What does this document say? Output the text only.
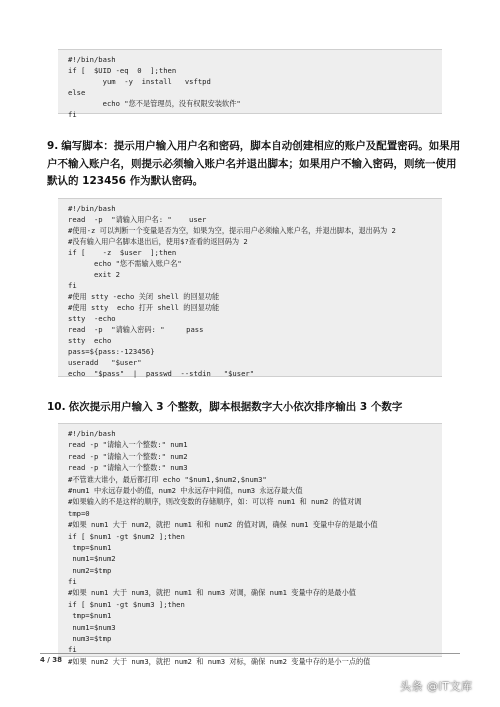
#!/bin/bash
if [  $UID -eq  0  ];then
yum  -y  install   vsftpd
else
echo "您不是管理员，没有权限安装软件"
fi
9. 编写脚本：提示用户输入用户名和密码，脚本自动创建相应的账户及配置密码。如果用户不输入账户名，则提示必须输入账户名并退出脚本；如果用户不输入密码，则统一使用默认的 123456 作为默认密码。
#!/bin/bash
read  -p  "请输入用户名: "    user
#使用-z 可以判断一个变量是否为空，如果为空，提示用户必须输入账户名，并退出脚本，退出码为 2
#没有输入用户名脚本退出后，使用$?查看的返回码为 2
if [    -z  $user  ];then
echo "您不需输入账户名"
exit 2
fi
#使用 stty -echo 关闭 shell 的回显功能
#使用 stty  echo 打开 shell 的回显功能
stty  -echo
read  -p  "请输入密码: "     pass
stty  echo
pass=${pass:-123456}
useradd   "$user"
echo  "$pass"  |  passwd  --stdin   "$user"
10. 依次提示用户输入 3 个整数，脚本根据数字大小依次排序输出 3 个数字
#!/bin/bash
read -p "请输入一个整数:" num1
read -p "请输入一个整数:" num2
read -p "请输入一个整数:" num3
#不管谁大谁小，最后都打印 echo "$num1,$num2,$num3"
#num1 中永远存最小的值，num2 中永远存中间值，num3 永远存最大值
#如果输入的不是这样的顺序，则改变数的存储顺序，如：可以将 num1 和 num2 的值对调
tmp=0
#如果 num1 大于 num2，就把 num1 和和 num2 的值对调，确保 num1 变量中存的是最小值
if [ $num1 -gt $num2 ];then
tmp=$num1
num1=$num2
num2=$tmp
fi
#如果 num1 大于 num3，就把 num1 和 num3 对调，确保 num1 变量中存的是最小值
if [ $num1 -gt $num3 ];then
tmp=$num1
num1=$num3
num3=$tmp
fi
#如果 num2 大于 num3，就把 num2 和 num3 对标，确保 num2 变量中存的是小一点的值
4 / 38
头条 @IT文库
